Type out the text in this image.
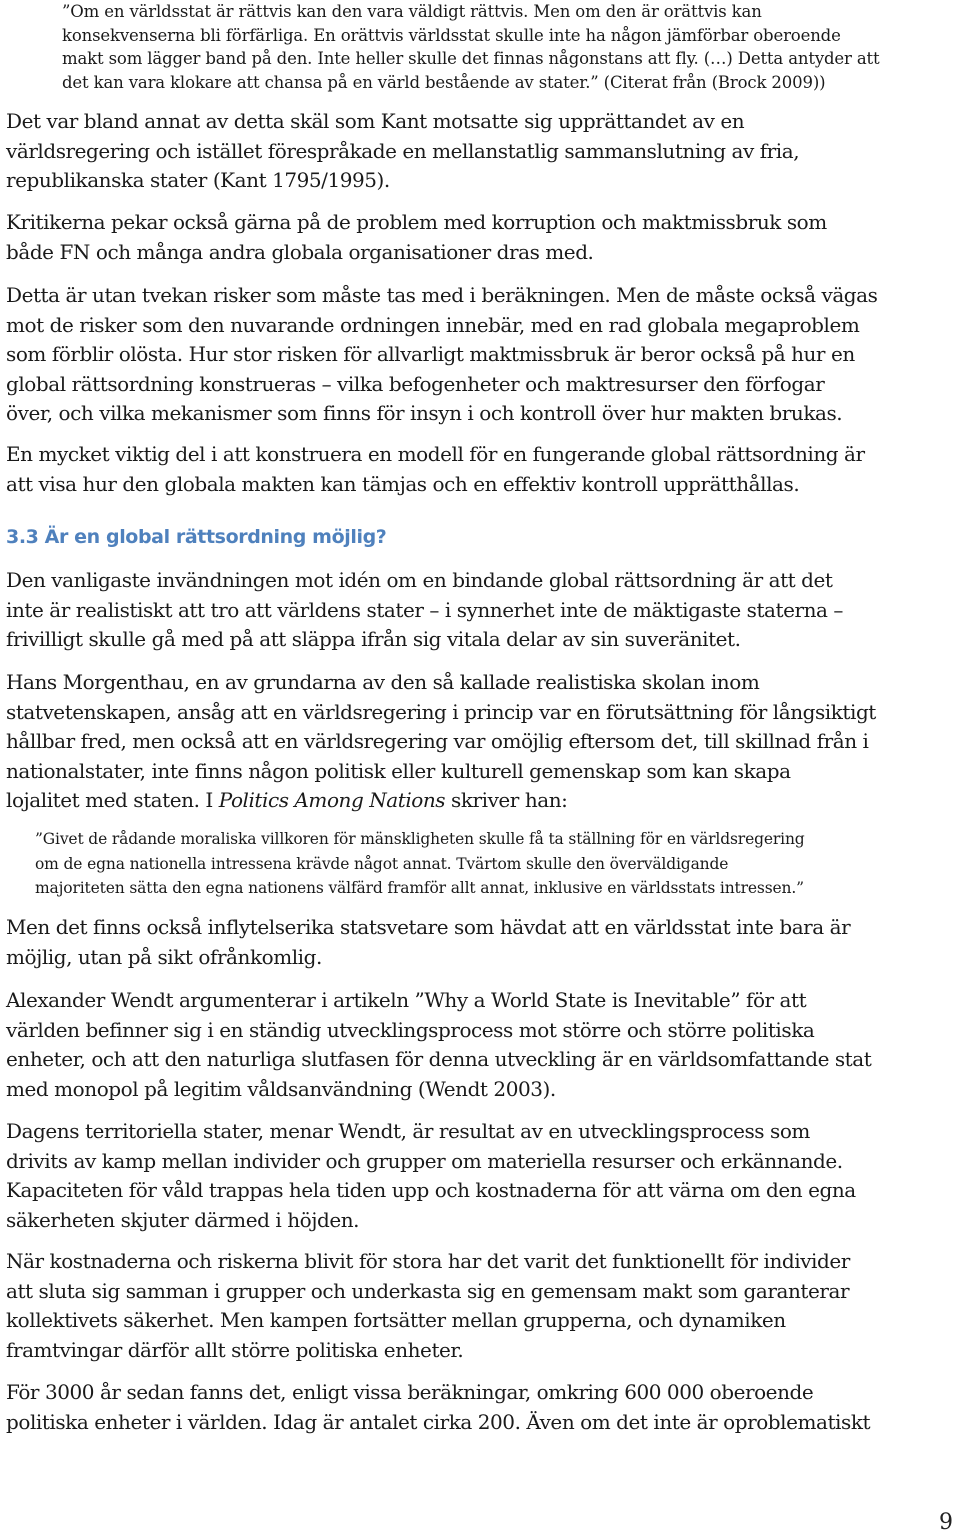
”Om en världsstat är rättvis kan den vara väldigt rättvis. Men om den är orättvis kan
konsekvenserna bli förfärliga. En orättvis världsstat skulle inte ha någon jämförbar oberoende
makt som lägger band på den. Inte heller skulle det finnas någonstans att fly. (…) Detta antyder att
det kan vara klokare att chansa på en värld bestående av stater.” (Citerat från (Brock 2009))
Det var bland annat av detta skäl som Kant motsatte sig upprättandet av en
världsregering och istället förespråkade en mellanstatlig sammanslutning av fria,
republikanska stater (Kant 1795/1995).
Kritikerna pekar också gärna på de problem med korruption och maktmissbruk som
både FN och många andra globala organisationer dras med.
Detta är utan tvekan risker som måste tas med i beräkningen. Men de måste också vägas
mot de risker som den nuvarande ordningen innebär, med en rad globala megaproblem
som förblir olösta. Hur stor risken för allvarligt maktmissbruk är beror också på hur en
global rättsordning konstrueras – vilka befogenheter och maktresurser den förfogar
över, och vilka mekanismer som finns för insyn i och kontroll över hur makten brukas.
En mycket viktig del i att konstruera en modell för en fungerande global rättsordning är
att visa hur den globala makten kan tämjas och en effektiv kontroll upprätthållas.
3.3 Är en global rättsordning möjlig?
Den vanligaste invändningen mot idén om en bindande global rättsordning är att det
inte är realistiskt att tro att världens stater – i synnerhet inte de mäktigaste staterna –
frivilligt skulle gå med på att släppa ifrån sig vitala delar av sin suveränitet.
Hans Morgenthau, en av grundarna av den så kallade realistiska skolan inom
statvetenskapen, ansåg att en världsregering i princip var en förutsättning för långsiktigt
hållbar fred, men också att en världsregering var omöjlig eftersom det, till skillnad från i
nationalstater, inte finns någon politisk eller kulturell gemenskap som kan skapa
lojalitet med staten. I Politics Among Nations skriver han:
”Givet de rådande moraliska villkoren för mänskligheten skulle få ta ställning för en världsregering
om de egna nationella intressena krävde något annat. Tvärtom skulle den överväldigande
majoriteten sätta den egna nationens välfärd framför allt annat, inklusive en världsstats intressen.”
Men det finns också inflytelserika statsvetare som hävdat att en världsstat inte bara är
möjlig, utan på sikt ofrånkomlig.
Alexander Wendt argumenterar i artikeln ”Why a World State is Inevitable” för att
världen befinner sig i en ständig utvecklingsprocess mot större och större politiska
enheter, och att den naturliga slutfasen för denna utveckling är en världsomfattande stat
med monopol på legitim våldsanvändning (Wendt 2003).
Dagens territoriella stater, menar Wendt, är resultat av en utvecklingsprocess som
drivits av kamp mellan individer och grupper om materiella resurser och erkännande.
Kapaciteten för våld trappas hela tiden upp och kostnaderna för att värna om den egna
säkerheten skjuter därmed i höjden.
När kostnaderna och riskerna blivit för stora har det varit det funktionellt för individer
att sluta sig samman i grupper och underkasta sig en gemensam makt som garanterar
kollektivets säkerhet. Men kampen fortsätter mellan grupperna, och dynamiken
framtvingar därför allt större politiska enheter.
För 3000 år sedan fanns det, enligt vissa beräkningar, omkring 600 000 oberoende
politiska enheter i världen. Idag är antalet cirka 200. Även om det inte är oproblematiskt
9
